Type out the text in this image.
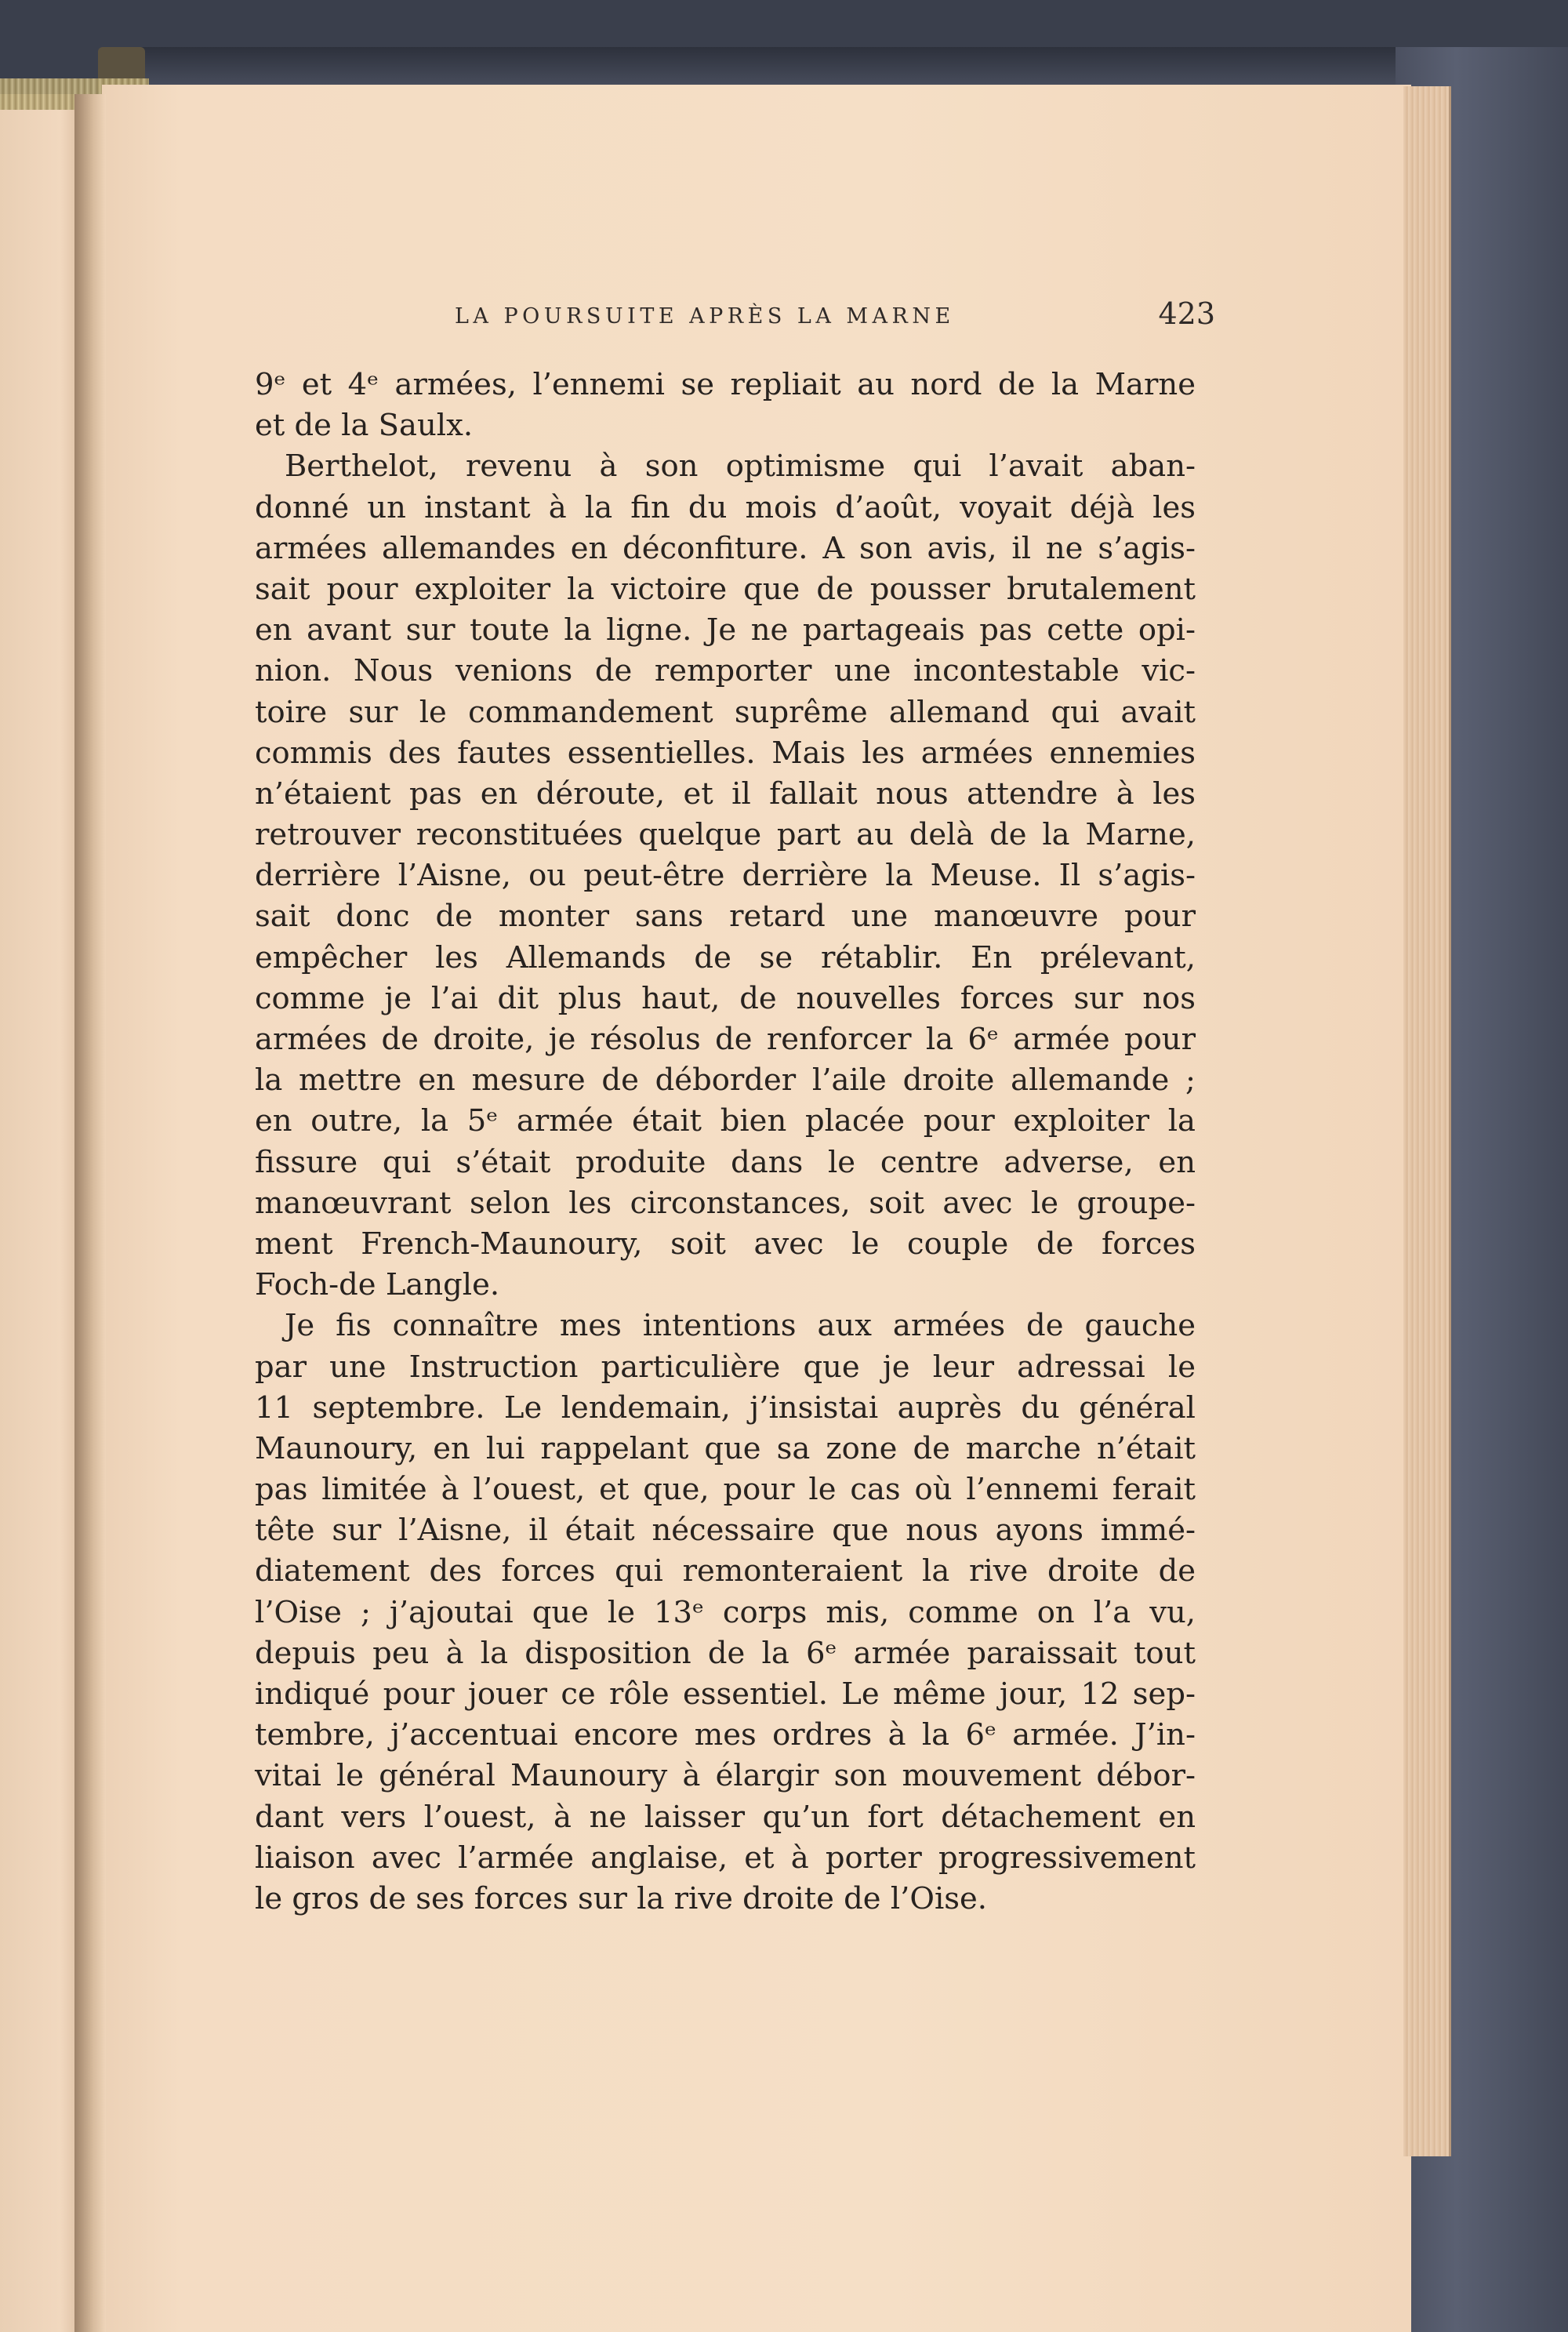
LA POURSUITE APRÈS LA MARNE	423
9ᵉ et 4ᵉ armées, l’ennemi se repliait au nord de la Marne
et de la Saulx.
Berthelot, revenu à son optimisme qui l’avait aban-
donné un instant à la fin du mois d’août, voyait déjà les
armées allemandes en déconfiture. A son avis, il ne s’agis-
sait pour exploiter la victoire que de pousser brutalement
en avant sur toute la ligne. Je ne partageais pas cette opi-
nion. Nous venions de remporter une incontestable vic-
toire sur le commandement suprême allemand qui avait
commis des fautes essentielles. Mais les armées ennemies
n’étaient pas en déroute, et il fallait nous attendre à les
retrouver reconstituées quelque part au delà de la Marne,
derrière l’Aisne, ou peut-être derrière la Meuse. Il s’agis-
sait donc de monter sans retard une manœuvre pour
empêcher les Allemands de se rétablir. En prélevant,
comme je l’ai dit plus haut, de nouvelles forces sur nos
armées de droite, je résolus de renforcer la 6ᵉ armée pour
la mettre en mesure de déborder l’aile droite allemande ;
en outre, la 5ᵉ armée était bien placée pour exploiter la
fissure qui s’était produite dans le centre adverse, en
manœuvrant selon les circonstances, soit avec le groupe-
ment French-Maunoury, soit avec le couple de forces
Foch-de Langle.
Je fis connaître mes intentions aux armées de gauche
par une Instruction particulière que je leur adressai le
11 septembre. Le lendemain, j’insistai auprès du général
Maunoury, en lui rappelant que sa zone de marche n’était
pas limitée à l’ouest, et que, pour le cas où l’ennemi ferait
tête sur l’Aisne, il était nécessaire que nous ayons immé-
diatement des forces qui remonteraient la rive droite de
l’Oise ; j’ajoutai que le 13ᵉ corps mis, comme on l’a vu,
depuis peu à la disposition de la 6ᵉ armée paraissait tout
indiqué pour jouer ce rôle essentiel. Le même jour, 12 sep-
tembre, j’accentuai encore mes ordres à la 6ᵉ armée. J’in-
vitai le général Maunoury à élargir son mouvement débor-
dant vers l’ouest, à ne laisser qu’un fort détachement en
liaison avec l’armée anglaise, et à porter progressivement
le gros de ses forces sur la rive droite de l’Oise.
